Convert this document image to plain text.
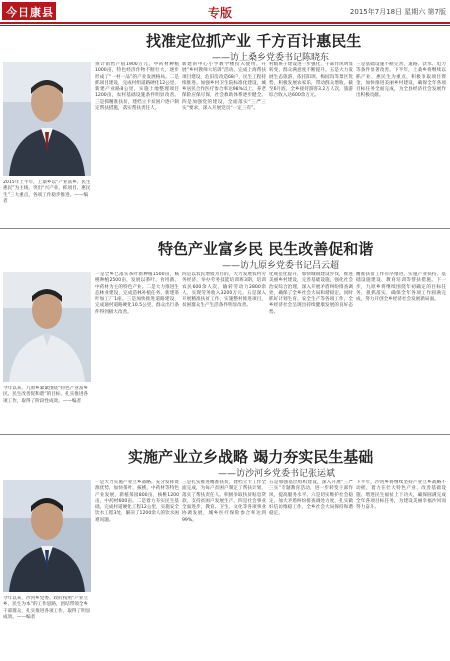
今日康县	专版	2015年7月18日 星期六 第7版
找准定位抓产业 千方百计惠民生
——访上桑乡党委书记陈晓东
2015年上半年，上桑乡以“产业富乡、民生惠民”为主线，突出“兴产业、抓项目、惠民生”三大重点，各项工作稳步推进。——编者
预计销售产值1900万元。中药材种植1000亩，特色经济作物不断壮大，逐步形成了“一村一品”的产业发展格局。二是抓项目建设，完成村组道路硬化12公里，新建产业路8公里，实施土地整理项目1200亩，农村基础设施条件明显改善。三是抓精准扶贫，建档立卡贫困户逐户制定帮扶措施，落实帮扶责任人。
新建的中心小学教学楼投入使用，开展“乡村教师大培训”活动。完成上海帮扶项目建设，危旧房改造68户，民生工程持续推进。加强乡村卫生院标准化建设，城乡居民合作医疗参合率达98%以上，养老保险应保尽保，社会救助体系逐步健全。四是加强党的建设，全面落实“三严三实”要求，深入开展党员“一定三有”。
村级班子建设进一步强化，干部作风明显转变，群众满意度不断提升。五是大力发展生态旅游，依托阳坝、梅园沟等景区优势，积极发展农家乐，带动群众增收。截至6月底，全乡接待游客3.2万人次，旅游综合收入达600余万元。
三是基础设施不断完善，道路、饮水、电力等条件显著改善。下半年，上桑乡将继续以抓产业、惠民生为重点，积极争取项目资金，加快推进美丽乡村建设，确保全年各项目标任务全面完成，为全县经济社会发展作出积极贡献。
特色产业富乡民 民生改善促和谐
——访九原乡党委书记吕云超
今年以来，九原乡紧紧围绕“特色产业富乡民、民生改善促和谐”的目标，扎实推进各项工作，取得了阶段性成效。——编者
一是全乡已落实茶叶新种植1500亩，核桃种植2500亩，发展以茶叶、食用菌、中药材为主的特色产业。二是大力推进生态林业建设，完成造林补植任务，新建茶叶加工厂1座。三是加快推进道路建设，完成通村道路硬化10.5公里，群众出行条件得到极大改善。
四是以农民增收为目的，大力发展农村劳务经济，举办劳务技能培训班3期，培训农民600余人次，输转劳动力2800余人，实现劳务收入3200万元。五是深入开展精准扶贫工作，实施整村推进项目，贫困群众生产生活条件明显改善。
化规范化提升，加快城镇建设步伐，推进美丽乡村建设，完善基础设施，强化社会治安综合治理，深入开展矛盾纠纷排查调处，确保了全乡社会大局和谐稳定。同时抓好计划生育、安全生产等各项工作，全乡经济社会呈现出持续健康发展的良好态势。
精准扶贫工作有序推进，实施产业扶持、基础设施建设、教育培训等帮扶措施。下一步，九原乡将继续围绕年初确定的目标任务，狠抓落实，确保全年各项工作圆满完成，努力开创全乡经济社会发展新局面。
实施产业立乡战略 竭力夯实民生基础
——访沙河乡党委书记张运斌
今年以来，沙河乡党委、政府按照“产业立乡、民生为本”的工作思路，团结带领全乡干部群众，扎实推进各项工作，取得了明显成效。——编者
一是大力实施产业立乡战略。充分发挥资源优势，加快茶叶、核桃、中药材等特色产业发展，新植茶园800亩，核桃1200亩，中药材600亩。二是着力夯实民生基础，完成村道硬化工程12公里，实施安全饮水工程3处，解决了1200余人的饮水困难问题。
三是扎实推进精准扶贫，建档立卡工作全面完成，为每户贫困户制定了帮扶计划，落实了帮扶责任人。积极争取扶贫贴息贷款，支持贫困户发展生产。四是社会事业全面进步，教育、卫生、文化等各项事业协调发展，城乡医疗保险参合率达到99%。
五是加强基层组织建设，深入开展“三严三实”专题教育活动，进一步转变干部作风，提高服务水平。六是切实维护社会稳定，加大矛盾纠纷排查调处力度，扎实做好信访维稳工作，全乡社会大局保持和谐稳定。
下半年，沙河乡将继续坚持产业立乡战略不动摇，着力在壮大特色产业、改善基础设施、增进民生福祉上下功夫，确保圆满完成全年各项目标任务，为建设美丽幸福沙河而努力奋斗。
